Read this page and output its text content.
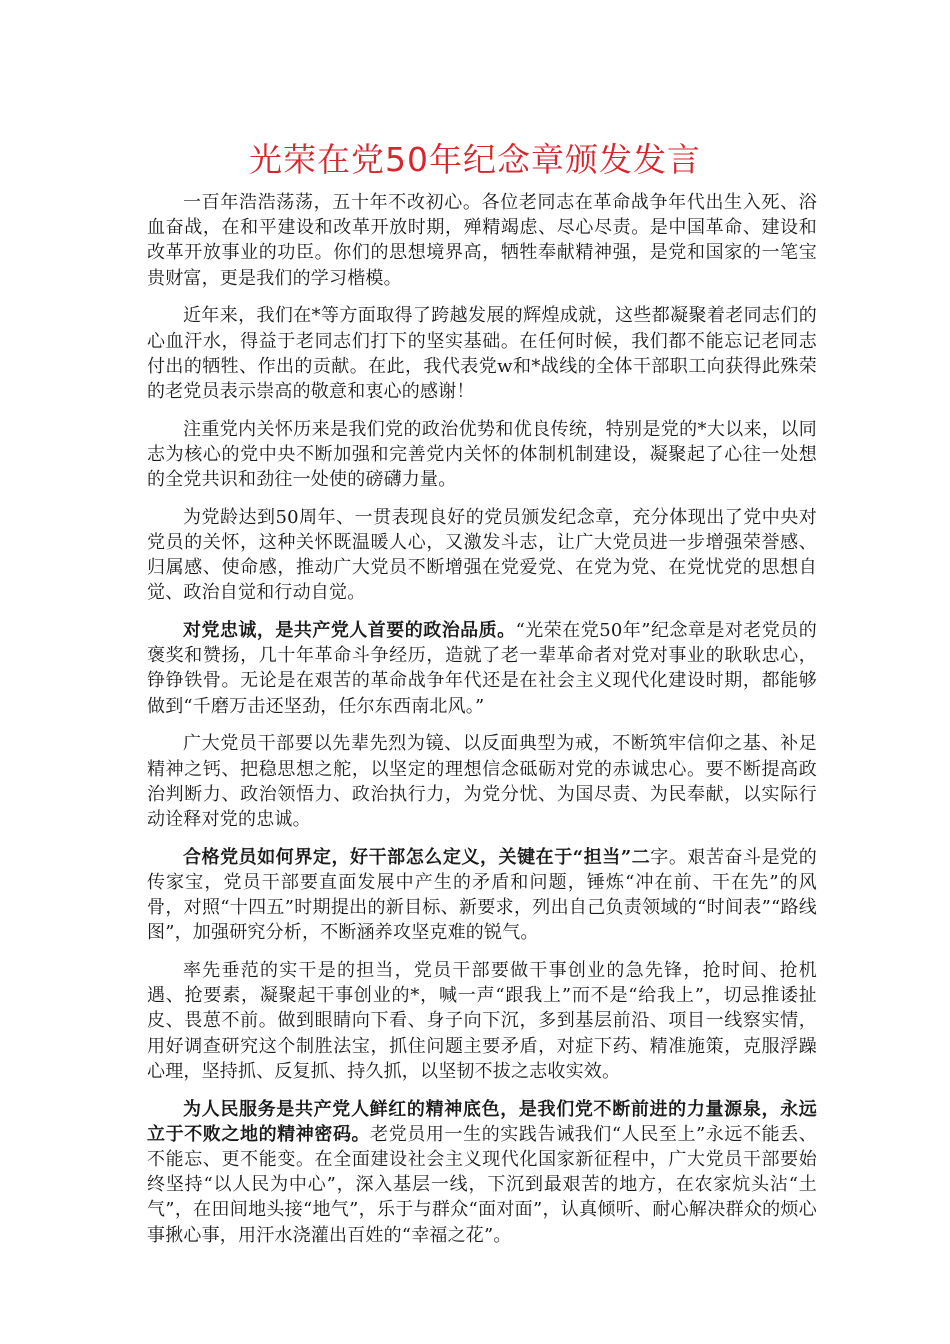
光荣在党50年纪念章颁发发言

一百年浩浩荡荡，五十年不改初心。各位老同志在革命战争年代出生入死、浴血奋战，在和平建设和改革开放时期，殚精竭虑、尽心尽责。是中国革命、建设和改革开放事业的功臣。你们的思想境界高，牺牲奉献精神强，是党和国家的一笔宝贵财富，更是我们的学习楷模。

近年来，我们在*等方面取得了跨越发展的辉煌成就，这些都凝聚着老同志们的心血汗水，得益于老同志们打下的坚实基础。在任何时候，我们都不能忘记老同志付出的牺牲、作出的贡献。在此，我代表党w和*战线的全体干部职工向获得此殊荣的老党员表示崇高的敬意和衷心的感谢！

注重党内关怀历来是我们党的政治优势和优良传统，特别是党的*大以来，以同志为核心的党中央不断加强和完善党内关怀的体制机制建设，凝聚起了心往一处想的全党共识和劲往一处使的磅礴力量。

为党龄达到50周年、一贯表现良好的党员颁发纪念章，充分体现出了党中央对党员的关怀，这种关怀既温暖人心，又激发斗志，让广大党员进一步增强荣誉感、归属感、使命感，推动广大党员不断增强在党爱党、在党为党、在党忧党的思想自觉、政治自觉和行动自觉。

对党忠诚，是共产党人首要的政治品质。“光荣在党50年”纪念章是对老党员的褒奖和赞扬，几十年革命斗争经历，造就了老一辈革命者对党对事业的耿耿忠心，铮铮铁骨。无论是在艰苦的革命战争年代还是在社会主义现代化建设时期，都能够做到“千磨万击还坚劲，任尔东西南北风。”

广大党员干部要以先辈先烈为镜、以反面典型为戒，不断筑牢信仰之基、补足精神之钙、把稳思想之舵，以坚定的理想信念砥砺对党的赤诚忠心。要不断提高政治判断力、政治领悟力、政治执行力，为党分忧、为国尽责、为民奉献，以实际行动诠释对党的忠诚。

合格党员如何界定，好干部怎么定义，关键在于“担当”二字。艰苦奋斗是党的传家宝，党员干部要直面发展中产生的矛盾和问题，锤炼“冲在前、干在先”的风骨，对照“十四五”时期提出的新目标、新要求，列出自己负责领域的“时间表”“路线图”，加强研究分析，不断涵养攻坚克难的锐气。

率先垂范的实干是的担当，党员干部要做干事创业的急先锋，抢时间、抢机遇、抢要素，凝聚起干事创业的*，喊一声“跟我上”而不是“给我上”，切忌推诿扯皮、畏葸不前。做到眼睛向下看、身子向下沉，多到基层前沿、项目一线察实情，用好调查研究这个制胜法宝，抓住问题主要矛盾，对症下药、精准施策，克服浮躁心理，坚持抓、反复抓、持久抓，以坚韧不拔之志收实效。

为人民服务是共产党人鲜红的精神底色，是我们党不断前进的力量源泉，永远立于不败之地的精神密码。老党员用一生的实践告诫我们“人民至上”永远不能丢、不能忘、更不能变。在全面建设社会主义现代化国家新征程中，广大党员干部要始终坚持“以人民为中心”，深入基层一线，下沉到最艰苦的地方，在农家炕头沾“土气”，在田间地头接“地气”，乐于与群众“面对面”，认真倾听、耐心解决群众的烦心事揪心事，用汗水浇灌出百姓的“幸福之花”。
